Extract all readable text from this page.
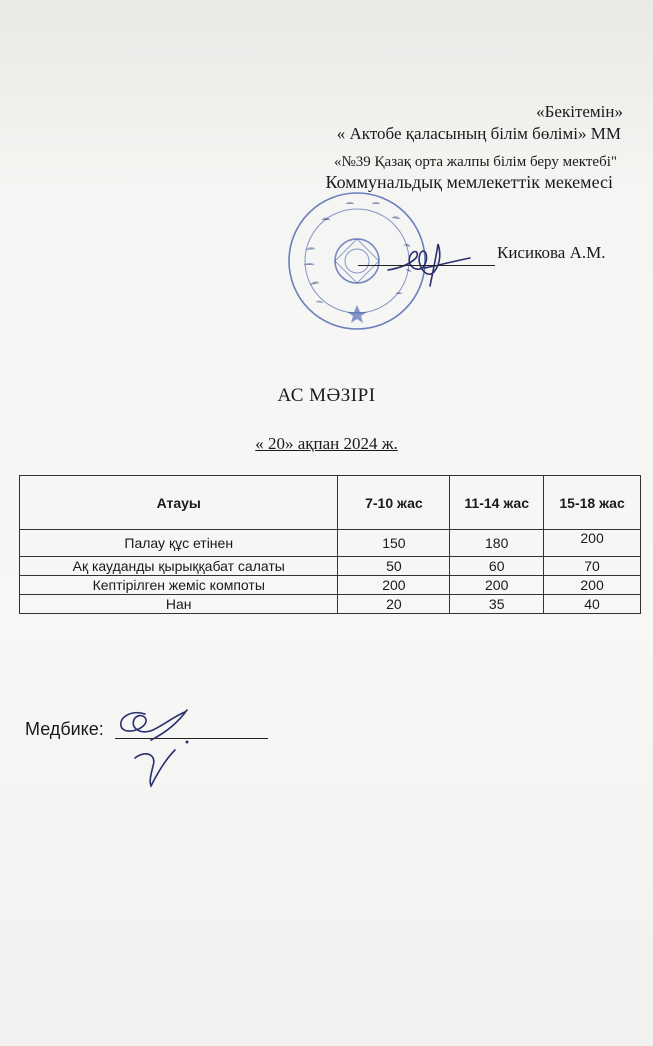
«Бекітемін»
« Актобе қаласының білім бөлімі» ММ
«№39 Қазақ орта жалпы білім беру мектебі"
Коммунальдық мемлекеттік мекемесі
Кисикова А.М.
АС МӘЗІРІ
« 20» ақпан 2024 ж.
Атауы	7-10 жас	11-14 жас	15-18 жас
Палау құс етінен	150	180	200
Ақ кауданды қырыққабат салаты	50	60	70
Кептірілген жеміс компоты	200	200	200
Нан	20	35	40
Медбике:
